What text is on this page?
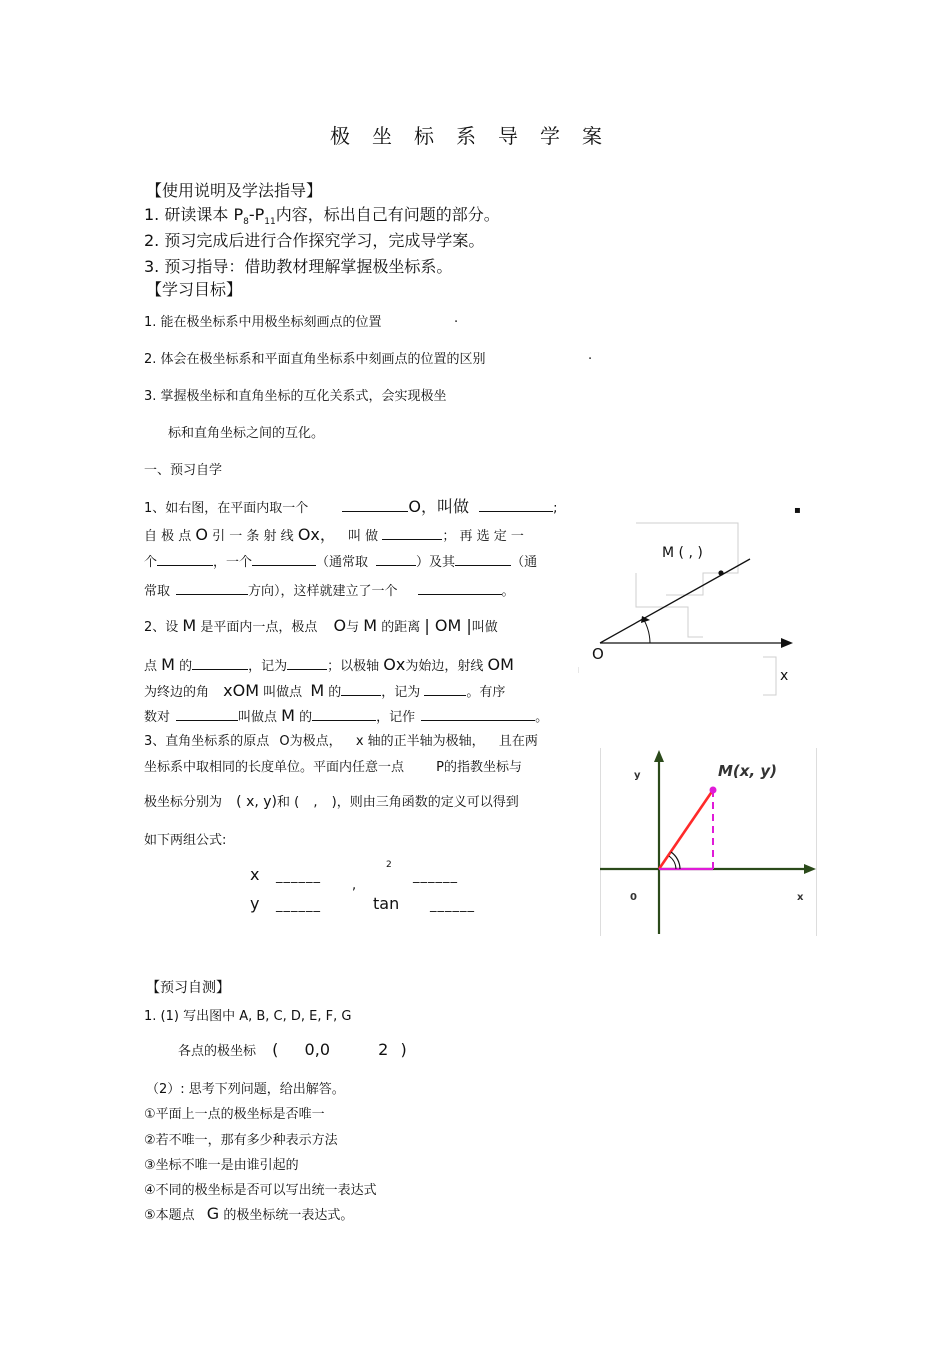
极坐标系导学案
【使用说明及学法指导】
1. 研读课本 $P_8-P_{11}$内容，标出自己有问题的部分。
2. 预习完成后进行合作探究学习，完成导学案。
3. 预习指导：借助教材理解掌握极坐标系。
【学习目标】
1. 能在极坐标系中用极坐标刻画点的位置	.
2. 体会在极坐标系和平面直角坐标系中刻画点的位置的区别	.
3. 掌握极坐标和直角坐标的互化关系式，会实现极坐
标和直角坐标之间的互化。
一、预习自学
1、如右图，在平面内取一个	O，叫做	;
自 极 点 O 引 一 条 射 线 Ox， 叫 做	； 再 选 定 一
个	，一个	（通常取	）及其	（通
常取	方向），这样就建立了一个	。
2、设 M 是平面内一点，极点 O与 M 的距离 | OM |叫做
点 M 的	，记为	；以极轴 Ox为始边，射线 OM
为终边的角 xOM 叫做点 M 的	，记为	。有序
数对	叫做点 M 的	，记作	。
3、直角坐标系的原点 O为极点， x 轴的正半轴为极轴， 且在两
坐标系中取相同的长度单位。平面内任意一点 P的指教坐标与
极坐标分别为 ( x, y)和 ( , )，则由三角函数的定义可以得到
如下两组公式:
x ______
,
2
______
y ______	tan ______
【预习自测】
1. (1) 写出图中 A, B, C, D, E, F, G
各点的极坐标 ( 0,0	2 )
（2）: 思考下列问题，给出解答。
①平面上一点的极坐标是否唯一
②若不唯一，那有多少种表示方法
③坐标不唯一是由谁引起的
④不同的极坐标是否可以写出统一表达式
⑤本题点 G 的极坐标统一表达式。
M ( , )
O
x
▪
y
0	x
M(x, y)
